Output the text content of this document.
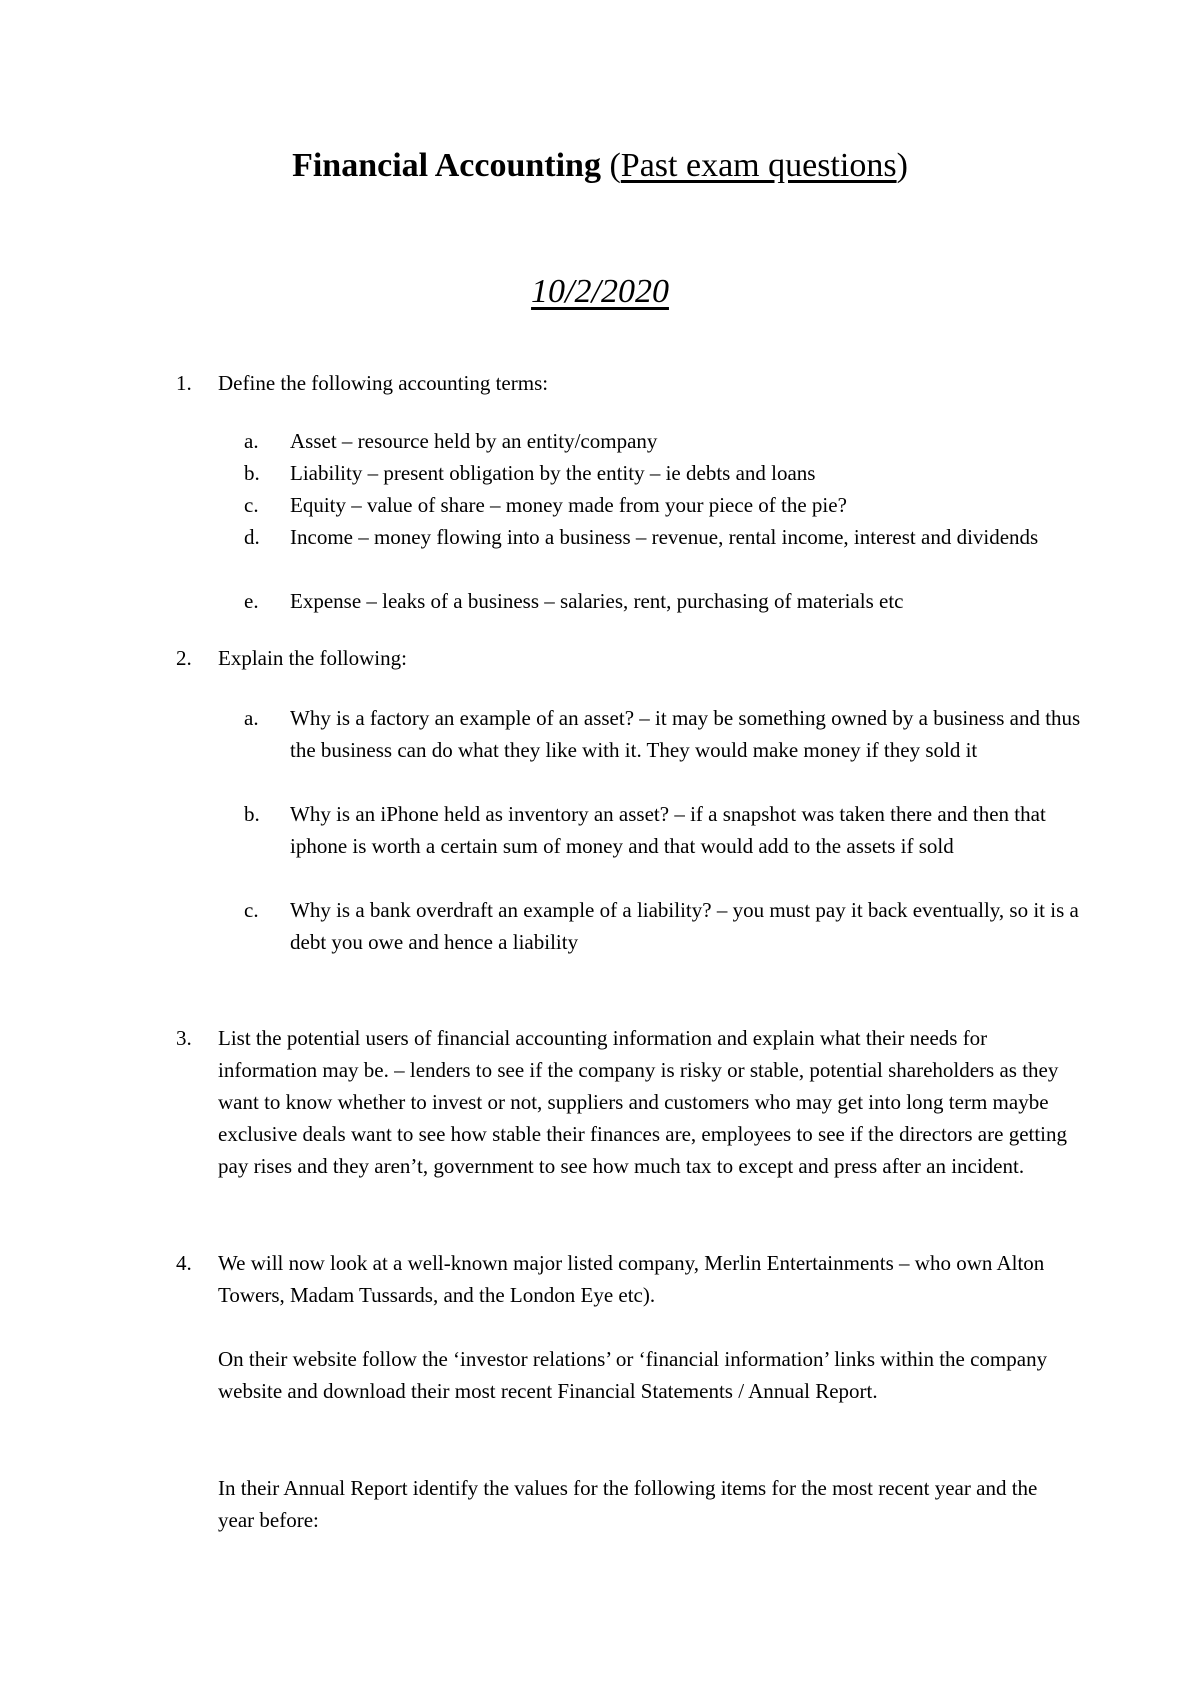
Financial Accounting (Past exam questions)
10/2/2020
1. Define the following accounting terms:
a. Asset – resource held by an entity/company
b. Liability – present obligation by the entity – ie debts and loans
c. Equity – value of share – money made from your piece of the pie?
d. Income – money flowing into a business – revenue, rental income, interest and dividends
e. Expense – leaks of a business – salaries, rent, purchasing of materials etc
2. Explain the following:
a. Why is a factory an example of an asset? – it may be something owned by a business and thus the business can do what they like with it. They would make money if they sold it
b. Why is an iPhone held as inventory an asset? – if a snapshot was taken there and then that iphone is worth a certain sum of money and that would add to the assets if sold
c. Why is a bank overdraft an example of a liability? – you must pay it back eventually, so it is a debt you owe and hence a liability
3. List the potential users of financial accounting information and explain what their needs for information may be. – lenders to see if the company is risky or stable, potential shareholders as they want to know whether to invest or not, suppliers and customers who may get into long term maybe exclusive deals want to see how stable their finances are, employees to see if the directors are getting pay rises and they aren’t, government to see how much tax to except and press after an incident.
4. We will now look at a well-known major listed company, Merlin Entertainments – who own Alton Towers, Madam Tussards, and the London Eye etc).
On their website follow the ‘investor relations’ or ‘financial information’ links within the company website and download their most recent Financial Statements / Annual Report.
In their Annual Report identify the values for the following items for the most recent year and the year before:
